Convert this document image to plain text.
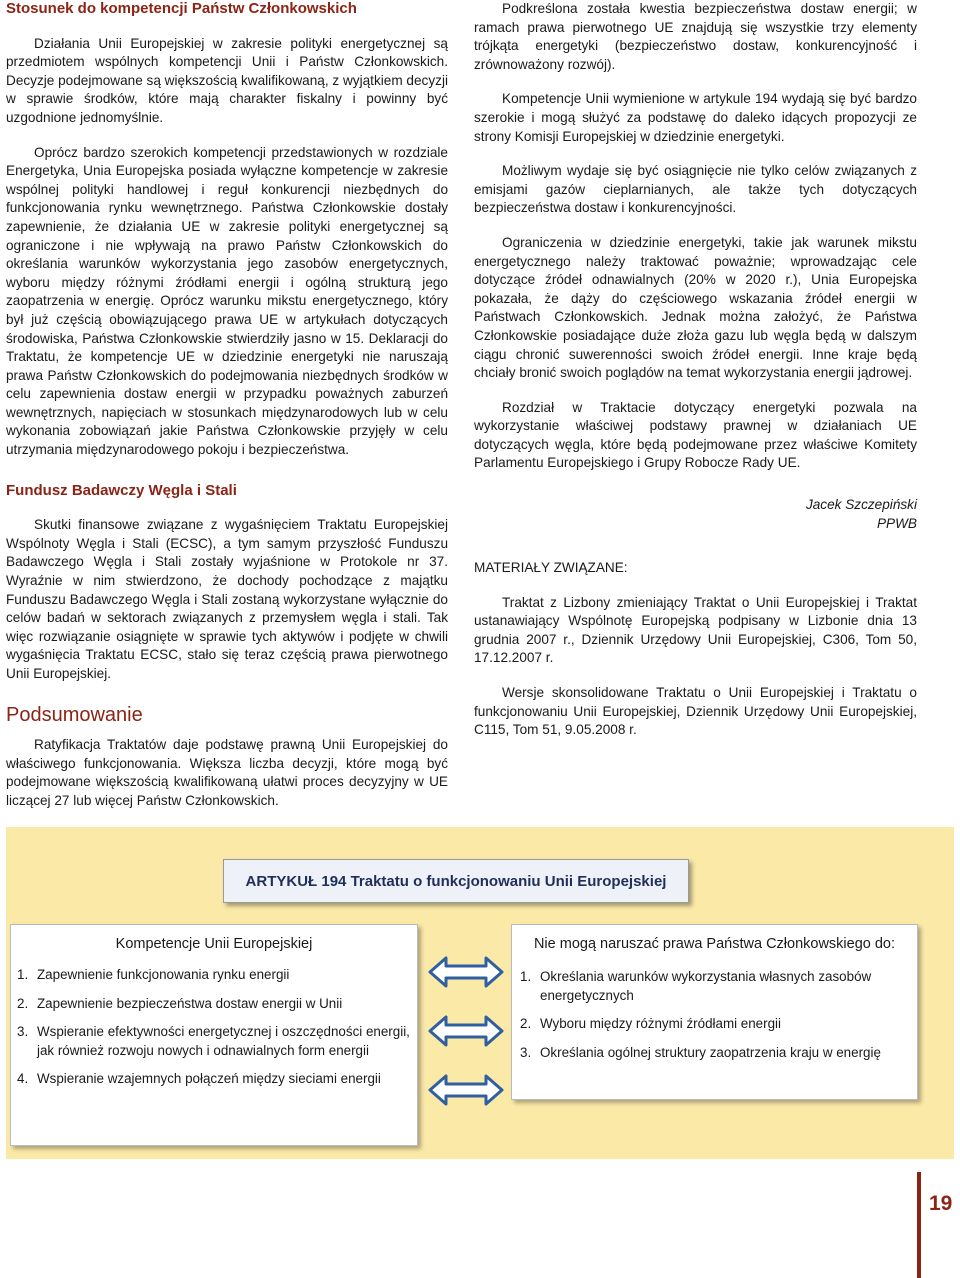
Stosunek do kompetencji Państw Członkowskich

Działania Unii Europejskiej w zakresie polityki energetycznej są przedmiotem wspólnych kompetencji Unii i Państw Członkowskich. Decyzje podejmowane są większością kwalifikowaną, z wyjątkiem decyzji w sprawie środków, które mają charakter fiskalny i powinny być uzgodnione jednomyślnie.

Oprócz bardzo szerokich kompetencji przedstawionych w rozdziale Energetyka, Unia Europejska posiada wyłączne kompetencje w zakresie wspólnej polityki handlowej i reguł konkurencji niezbędnych do funkcjonowania rynku wewnętrznego. Państwa Członkowskie dostały zapewnienie, że działania UE w zakresie polityki energetycznej są ograniczone i nie wpływają na prawo Państw Członkowskich do określania warunków wykorzystania jego zasobów energetycznych, wyboru między różnymi źródłami energii i ogólną strukturą jego zaopatrzenia w energię. Oprócz warunku mikstu energetycznego, który był już częścią obowiązującego prawa UE w artykułach dotyczących środowiska, Państwa Członkowskie stwierdziły jasno w 15. Deklaracji do Traktatu, że kompetencje UE w dziedzinie energetyki nie naruszają prawa Państw Członkowskich do podejmowania niezbędnych środków w celu zapewnienia dostaw energii w przypadku poważnych zaburzeń wewnętrznych, napięciach w stosunkach międzynarodowych lub w celu wykonania zobowiązań jakie Państwa Członkowskie przyjęły w celu utrzymania międzynarodowego pokoju i bezpieczeństwa.

Fundusz Badawczy Węgla i Stali

Skutki finansowe związane z wygaśnięciem Traktatu Europejskiej Wspólnoty Węgla i Stali (ECSC), a tym samym przyszłość Funduszu Badawczego Węgla i Stali zostały wyjaśnione w Protokole nr 37. Wyraźnie w nim stwierdzono, że dochody pochodzące z majątku Funduszu Badawczego Węgla i Stali zostaną wykorzystane wyłącznie do celów badań w sektorach związanych z przemysłem węgla i stali. Tak więc rozwiązanie osiągnięte w sprawie tych aktywów i podjęte w chwili wygaśnięcia Traktatu ECSC, stało się teraz częścią prawa pierwotnego Unii Europejskiej.

Podsumowanie

Ratyfikacja Traktatów daje podstawę prawną Unii Europejskiej do właściwego funkcjonowania. Większa liczba decyzji, które mogą być podejmowane większością kwalifikowaną ułatwi proces decyzyjny w UE liczącej 27 lub więcej Państw Członkowskich.

Podkreślona została kwestia bezpieczeństwa dostaw energii; w ramach prawa pierwotnego UE znajdują się wszystkie trzy elementy trójkąta energetyki (bezpieczeństwo dostaw, konkurencyjność i zrównoważony rozwój).

Kompetencje Unii wymienione w artykule 194 wydają się być bardzo szerokie i mogą służyć za podstawę do daleko idących propozycji ze strony Komisji Europejskiej w dziedzinie energetyki.

Możliwym wydaje się być osiągnięcie nie tylko celów związanych z emisjami gazów cieplarnianych, ale także tych dotyczących bezpieczeństwa dostaw i konkurencyjności.

Ograniczenia w dziedzinie energetyki, takie jak warunek mikstu energetycznego należy traktować poważnie; wprowadzając cele dotyczące źródeł odnawialnych (20% w 2020 r.), Unia Europejska pokazała, że dąży do częściowego wskazania źródeł energii w Państwach Członkowskich. Jednak można założyć, że Państwa Członkowskie posiadające duże złoża gazu lub węgla będą w dalszym ciągu chronić suwerenności swoich źródeł energii. Inne kraje będą chciały bronić swoich poglądów na temat wykorzystania energii jądrowej.

Rozdział w Traktacie dotyczący energetyki pozwala na wykorzystanie właściwej podstawy prawnej w działaniach UE dotyczących węgla, które będą podejmowane przez właściwe Komitety Parlamentu Europejskiego i Grupy Robocze Rady UE.

Jacek Szczepiński
PPWB

MATERIAŁY ZWIĄZANE:

Traktat z Lizbony zmieniający Traktat o Unii Europejskiej i Traktat ustanawiający Wspólnotę Europejską podpisany w Lizbonie dnia 13 grudnia 2007 r., Dziennik Urzędowy Unii Europejskiej, C306, Tom 50, 17.12.2007 r.

Wersje skonsolidowane Traktatu o Unii Europejskiej i Traktatu o funkcjonowaniu Unii Europejskiej, Dziennik Urzędowy Unii Europejskiej, C115, Tom 51, 9.05.2008 r.

ARTYKUŁ 194 Traktatu o funkcjonowaniu Unii Europejskiej
Kompetencje Unii Europejskiej
1. Zapewnienie funkcjonowania rynku energii
2. Zapewnienie bezpieczeństwa dostaw energii w Unii
3. Wspieranie efektywności energetycznej i oszczędności energii, jak również rozwoju nowych i odnawialnych form energii
4. Wspieranie wzajemnych połączeń między sieciami energii
Nie mogą naruszać prawa Państwa Członkowskiego do:
1. Określania warunków wykorzystania własnych zasobów energetycznych
2. Wyboru między różnymi źródłami energii
3. Określania ogólnej struktury zaopatrzenia kraju w energię
19
